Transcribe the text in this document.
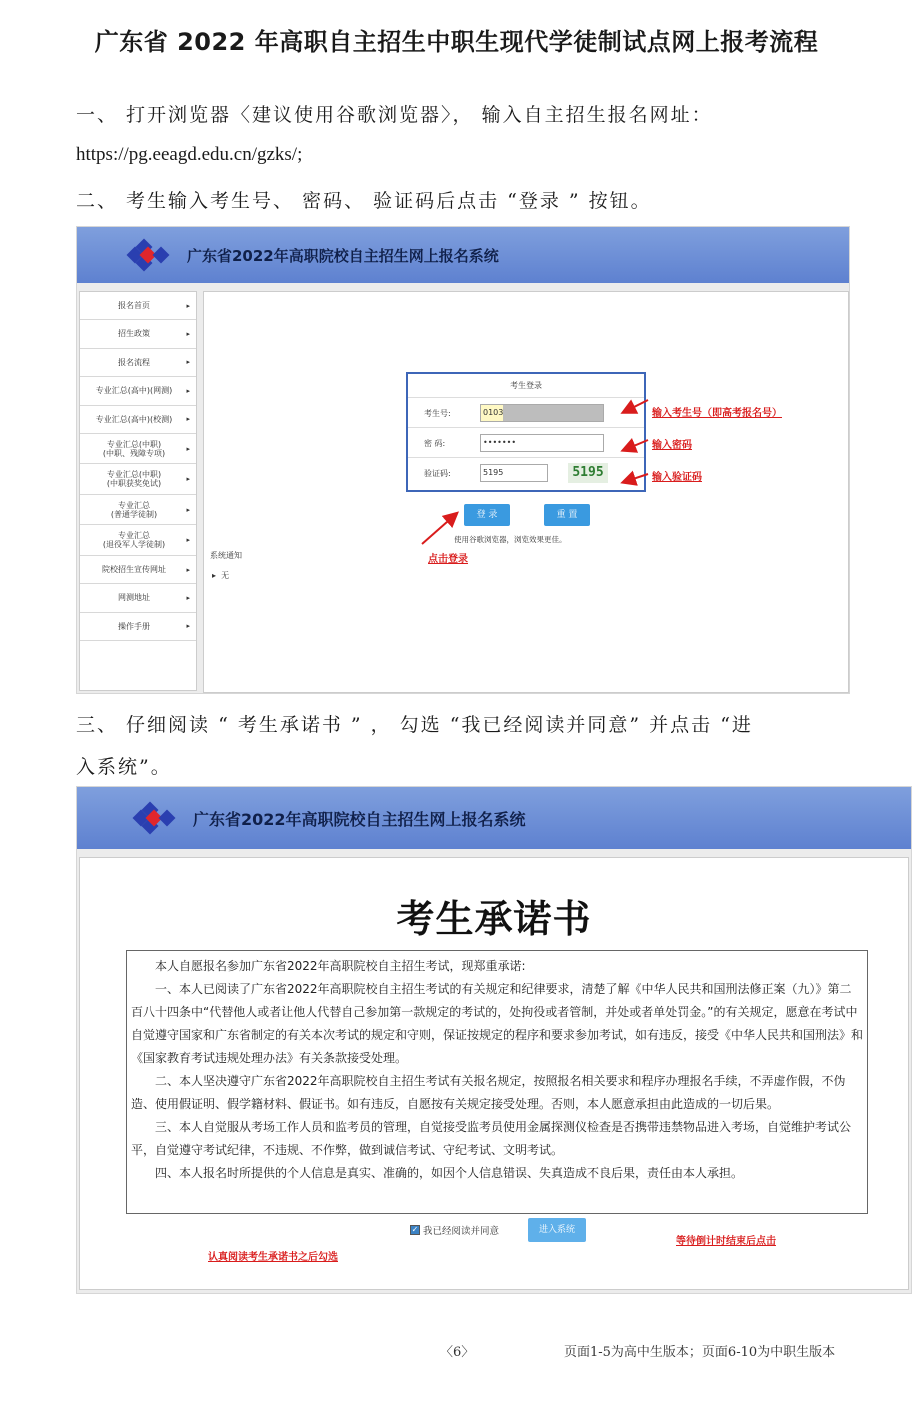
广东省 2022 年高职自主招生中职生现代学徒制试点网上报考流程
一、 打开浏览器〈建议使用谷歌浏览器〉， 输入自主招生报名网址：
https://pg.eeagd.edu.cn/gzks/;
二、 考生输入考生号、 密码、 验证码后点击 “登录 ” 按钮。
广东省2022年高职院校自主招生网上报名系统
报名首页	▸
招生政策	▸
报名流程	▸
专业汇总(高中)(网测) ▸
专业汇总(高中)(校测) ▸
专业汇总(中职)
(中职、残障专项)
▸
专业汇总(中职)
(中职获奖免试)
▸
专业汇总
(普通学徒制)
▸
专业汇总
(退役军人学徒制)
▸
院校招生宣传网址	▸
网测地址	▸
操作手册	▸
考生登录
考生号:	0103
密 码:	•••••••
验证码:	5195	5195
登 录	重 置
使用谷歌浏览器，浏览效果更佳。
系统通知
▸ 无
输入考生号（即高考报名号）
输入密码
输入验证码
点击登录
三、 仔细阅读 “ 考生承诺书 ” ， 勾选 “我已经阅读并同意” 并点击 “进
入系统”。
广东省2022年高职院校自主招生网上报名系统
考生承诺书

本人自愿报名参加广东省2022年高职院校自主招生考试，现郑重承诺:

一、本人已阅读了广东省2022年高职院校自主招生考试的有关规定和纪律要求，清楚了解《中华人民共和国刑法修正案（九）》第二百八十四条中“代替他人或者让他人代替自己参加第一款规定的考试的，处拘役或者管制，并处或者单处罚金。”的有关规定，愿意在考试中自觉遵守国家和广东省制定的有关本次考试的规定和守则，保证按规定的程序和要求参加考试，如有违反，接受《中华人民共和国刑法》和《国家教育考试违规处理办法》有关条款接受处理。

二、本人坚决遵守广东省2022年高职院校自主招生考试有关报名规定，按照报名相关要求和程序办理报名手续，不弄虚作假，不伪造、使用假证明、假学籍材料、假证书。如有违反，自愿按有关规定接受处理。否则，本人愿意承担由此造成的一切后果。

三、本人自觉服从考场工作人员和监考员的管理，自觉接受监考员使用金属探测仪检查是否携带违禁物品进入考场，自觉维护考试公平，自觉遵守考试纪律，不违规、不作弊，做到诚信考试、守纪考试、文明考试。

四、本人报名时所提供的个人信息是真实、准确的，如因个人信息错误、失真造成不良后果，责任由本人承担。

✓ 我已经阅读并同意	进入系统
认真阅读考生承诺书之后勾选
等待倒计时结束后点击
〈6〉	页面1-5为高中生版本；页面6-10为中职生版本
